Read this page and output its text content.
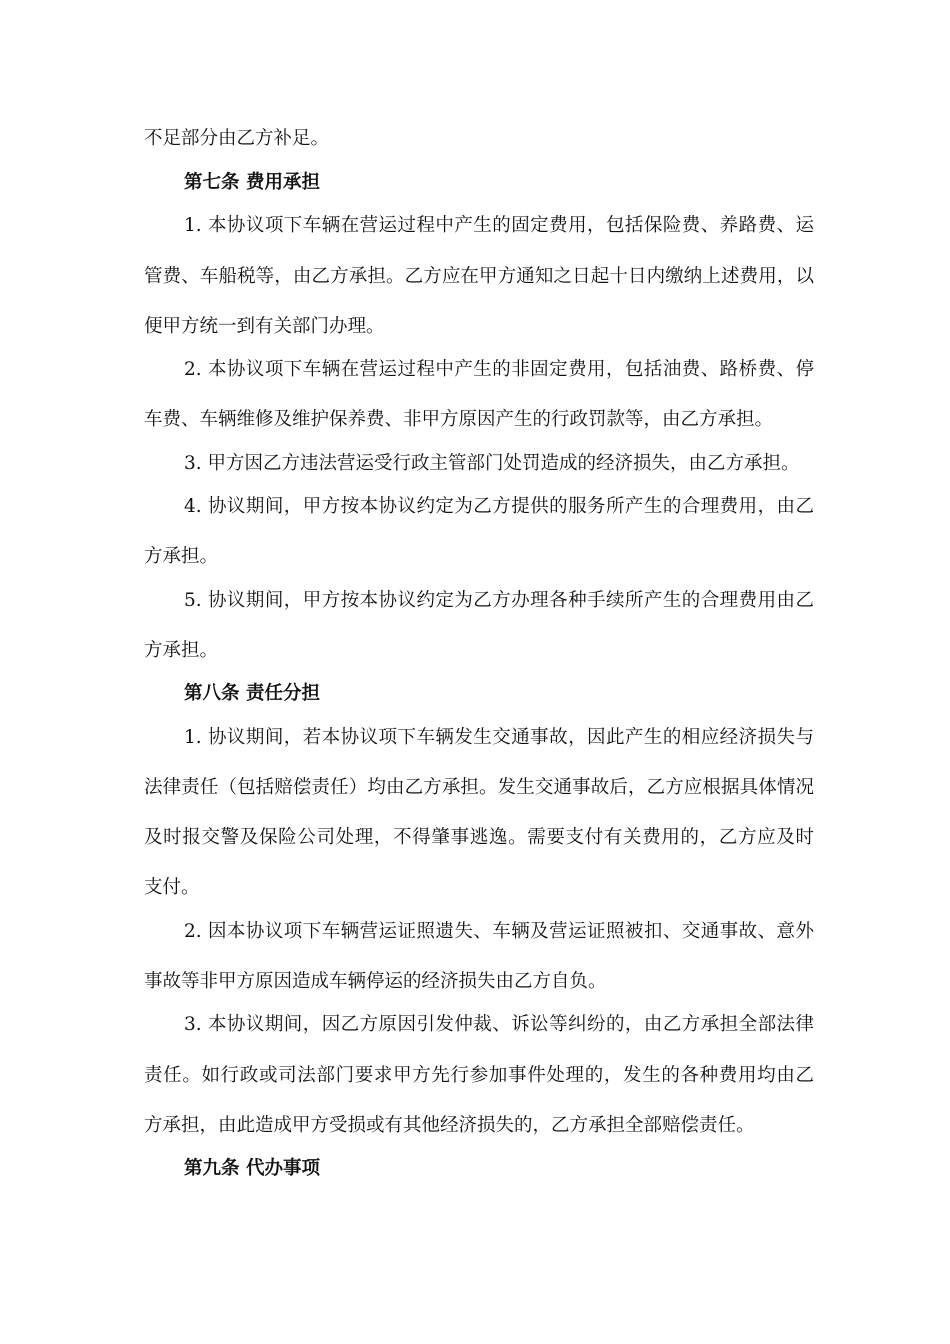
不足部分由乙方补足。
第七条 费用承担
1. 本协议项下车辆在营运过程中产生的固定费用，包括保险费、养路费、运
管费、车船税等，由乙方承担。乙方应在甲方通知之日起十日内缴纳上述费用，以
便甲方统一到有关部门办理。
2. 本协议项下车辆在营运过程中产生的非固定费用，包括油费、路桥费、停
车费、车辆维修及维护保养费、非甲方原因产生的行政罚款等，由乙方承担。
3. 甲方因乙方违法营运受行政主管部门处罚造成的经济损失，由乙方承担。
4. 协议期间，甲方按本协议约定为乙方提供的服务所产生的合理费用，由乙
方承担。
5. 协议期间，甲方按本协议约定为乙方办理各种手续所产生的合理费用由乙
方承担。
第八条 责任分担
1. 协议期间，若本协议项下车辆发生交通事故，因此产生的相应经济损失与
法律责任（包括赔偿责任）均由乙方承担。发生交通事故后，乙方应根据具体情况
及时报交警及保险公司处理，不得肇事逃逸。需要支付有关费用的，乙方应及时
支付。
2. 因本协议项下车辆营运证照遗失、车辆及营运证照被扣、交通事故、意外
事故等非甲方原因造成车辆停运的经济损失由乙方自负。
3. 本协议期间，因乙方原因引发仲裁、诉讼等纠纷的，由乙方承担全部法律
责任。如行政或司法部门要求甲方先行参加事件处理的，发生的各种费用均由乙
方承担，由此造成甲方受损或有其他经济损失的，乙方承担全部赔偿责任。
第九条 代办事项
